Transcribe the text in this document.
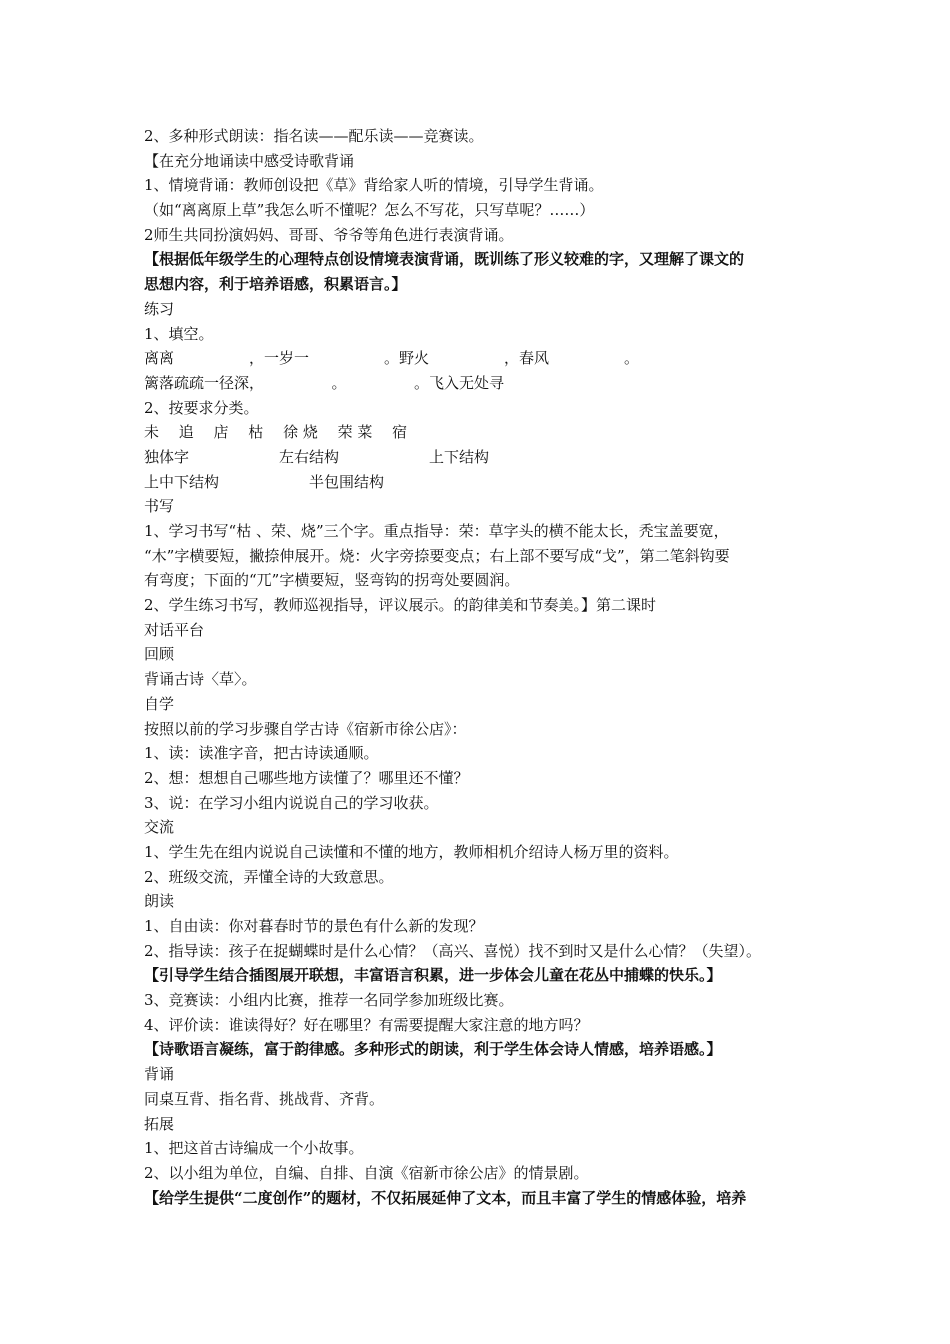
2、多种形式朗读：指名读——配乐读——竞赛读。
【在充分地诵读中感受诗歌背诵
1、情境背诵：教师创设把《草》背给家人听的情境，引导学生背诵。
（如“离离原上草”我怎么听不懂呢？怎么不写花，只写草呢？……）
2师生共同扮演妈妈、哥哥、爷爷等角色进行表演背诵。
【根据低年级学生的心理特点创设情境表演背诵，既训练了形义较难的字，又理解了课文的
思想内容，利于培养语感，积累语言。】
练习
1、填空。
离离　　　　　，一岁一　　　　　。野火　　　　　，春风　　　　　。
篱落疏疏一径深，　　　　　。　　　　　。飞入无处寻
2、按要求分类。
未　 追　 店　 枯　 徐 烧　 荣 菜　 宿
独体字　　　　　　左右结构　　　　　　上下结构
上中下结构　　　　　　半包围结构
书写
1、学习书写“枯 、荣、烧”三个字。重点指导：荣：草字头的横不能太长，秃宝盖要宽，
“木”字横要短，撇捺伸展开。烧：火字旁捺要变点；右上部不要写成“戈”，第二笔斜钩要
有弯度；下面的“兀”字横要短，竖弯钩的拐弯处要圆润。
2、学生练习书写，教师巡视指导，评议展示。的韵律美和节奏美。】第二课时
对话平台
回顾
背诵古诗〈草〉。
自学
按照以前的学习步骤自学古诗《宿新市徐公店》：
1、读：读准字音，把古诗读通顺。
2、想：想想自己哪些地方读懂了？哪里还不懂？
3、说：在学习小组内说说自己的学习收获。
交流
1、学生先在组内说说自己读懂和不懂的地方，教师相机介绍诗人杨万里的资料。
2、班级交流，弄懂全诗的大致意思。
朗读
1、自由读：你对暮春时节的景色有什么新的发现？
2、指导读：孩子在捉蝴蝶时是什么心情？（高兴、喜悦）找不到时又是什么心情？（失望）。
【引导学生结合插图展开联想，丰富语言积累，进一步体会儿童在花丛中捕蝶的快乐。】
3、竞赛读：小组内比赛，推荐一名同学参加班级比赛。
4、评价读：谁读得好？好在哪里？有需要提醒大家注意的地方吗？
【诗歌语言凝练，富于韵律感。多种形式的朗读，利于学生体会诗人情感，培养语感。】
背诵
同桌互背、指名背、挑战背、齐背。
拓展
1、把这首古诗编成一个小故事。
2、以小组为单位，自编、自排、自演《宿新市徐公店》的情景剧。
【给学生提供“二度创作”的题材，不仅拓展延伸了文本，而且丰富了学生的情感体验，培养
